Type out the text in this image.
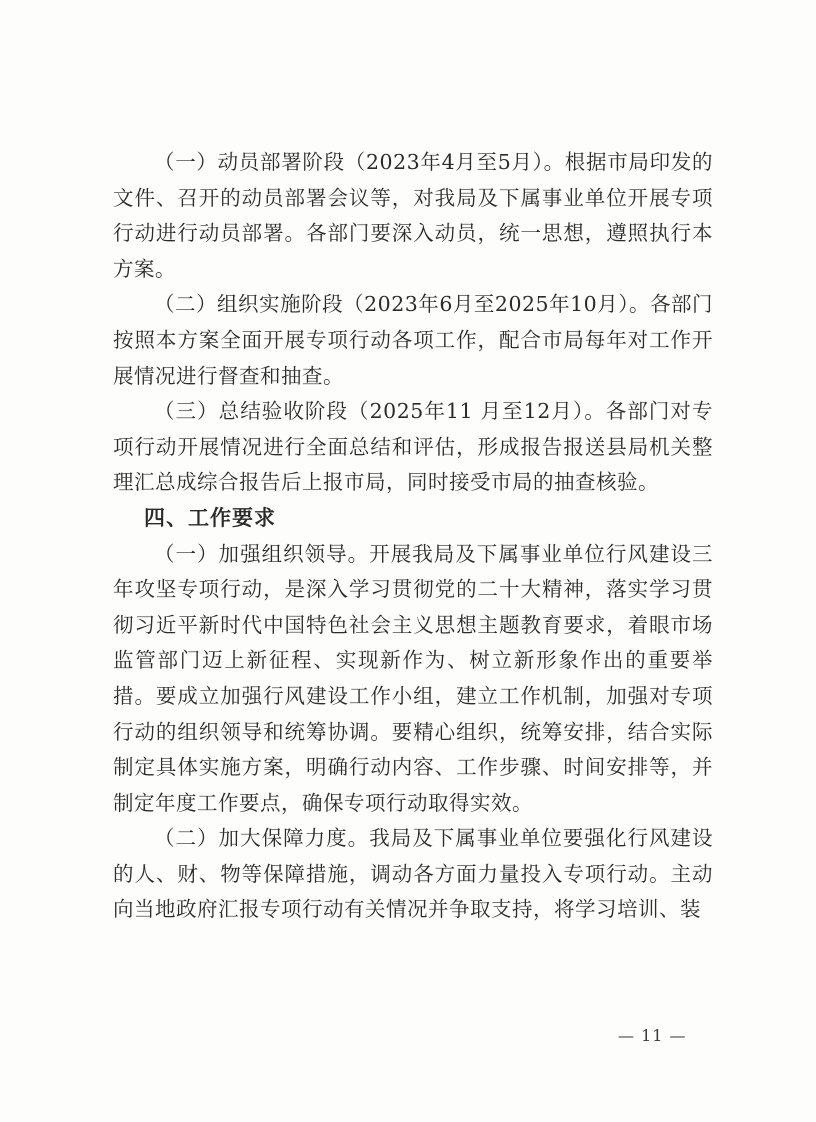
（一）动员部署阶段（2023年4月至5月）。根据市局印发的文件、召开的动员部署会议等，对我局及下属事业单位开展专项行动进行动员部署。各部门要深入动员，统一思想，遵照执行本方案。

（二）组织实施阶段（2023年6月至2025年10月）。各部门按照本方案全面开展专项行动各项工作，配合市局每年对工作开展情况进行督查和抽查。

（三）总结验收阶段（2025年11 月至12月）。各部门对专项行动开展情况进行全面总结和评估，形成报告报送县局机关整理汇总成综合报告后上报市局，同时接受市局的抽查核验。

四、工作要求

（一）加强组织领导。开展我局及下属事业单位行风建设三年攻坚专项行动，是深入学习贯彻党的二十大精神，落实学习贯彻习近平新时代中国特色社会主义思想主题教育要求，着眼市场监管部门迈上新征程、实现新作为、树立新形象作出的重要举措。要成立加强行风建设工作小组，建立工作机制，加强对专项行动的组织领导和统筹协调。要精心组织，统筹安排，结合实际制定具体实施方案，明确行动内容、工作步骤、时间安排等，并制定年度工作要点，确保专项行动取得实效。

（二）加大保障力度。我局及下属事业单位要强化行风建设的人、财、物等保障措施，调动各方面力量投入专项行动。主动向当地政府汇报专项行动有关情况并争取支持，将学习培训、装

— 11 —
